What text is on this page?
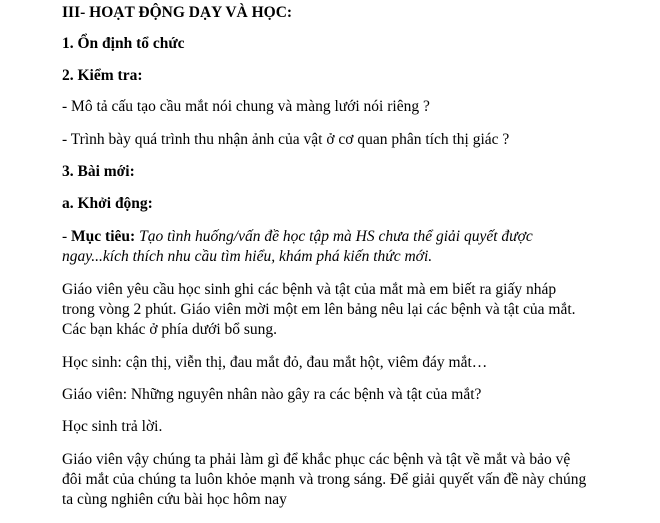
III- HOẠT ĐỘNG DẠY VÀ HỌC:
1. Ổn định tổ chức
2. Kiểm tra:
- Mô tả cấu tạo cầu mắt nói chung và màng lưới nói riêng ?
- Trình bày quá trình thu nhận ảnh của vật ở cơ quan phân tích thị giác ?
3. Bài mới:
a. Khởi động:
- Mục tiêu: Tạo tình huống/vấn đề học tập mà HS chưa thể giải quyết được
ngay...kích thích nhu cầu tìm hiểu, khám phá kiến thức mới.
Giáo viên yêu cầu học sinh ghi các bệnh và tật của mắt mà em biết ra giấy nháp
trong vòng 2 phút. Giáo viên mời một em lên bảng nêu lại các bệnh và tật của mắt.
Các bạn khác ở phía dưới bổ sung.
Học sinh: cận thị, viễn thị, đau mắt đỏ, đau mắt hột, viêm đáy mắt…
Giáo viên: Những nguyên nhân nào gây ra các bệnh và tật của mắt?
Học sinh trả lời.
Giáo viên vậy chúng ta phải làm gì để khắc phục các bệnh và tật về mắt và bảo vệ
đôi mắt của chúng ta luôn khỏe mạnh và trong sáng. Để giải quyết vấn đề này chúng
ta cùng nghiên cứu bài học hôm nay
